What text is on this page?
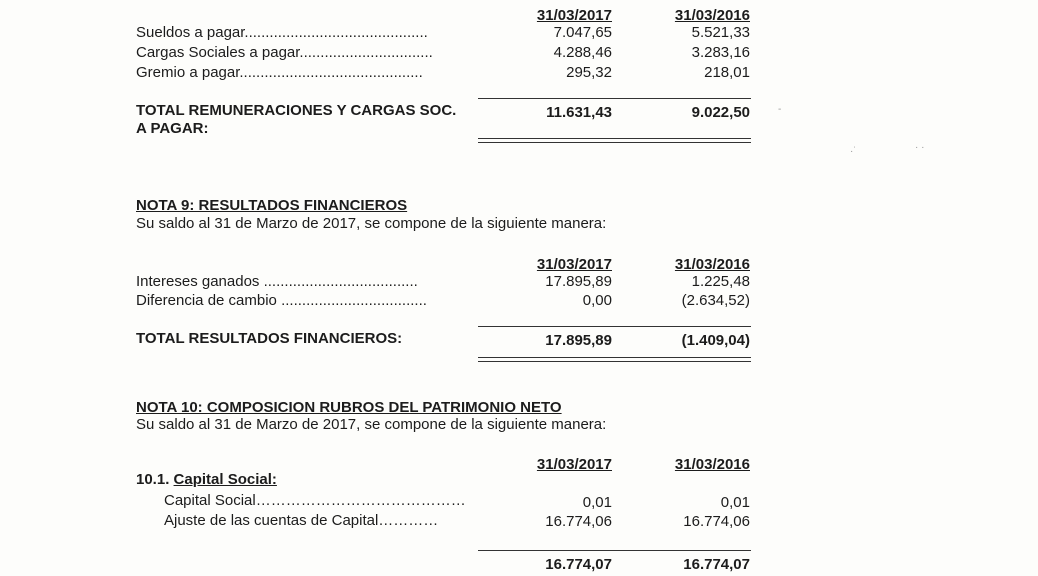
31/03/2017	31/03/2016
Sueldos a pagar............................................	7.047,65	5.521,33
Cargas Sociales a pagar................................	4.288,46	3.283,16
Gremio a pagar............................................	295,32	218,01
TOTAL REMUNERACIONES Y CARGAS SOC.
A PAGAR:
11.631,43	9.022,50
NOTA 9: RESULTADOS FINANCIEROS
Su saldo al 31 de Marzo de 2017, se compone de la siguiente manera:
31/03/2017	31/03/2016
Intereses ganados .....................................	17.895,89	1.225,48
Diferencia de cambio ...................................	0,00	(2.634,52)
TOTAL RESULTADOS FINANCIEROS:	17.895,89	(1.409,04)
NOTA 10: COMPOSICION RUBROS DEL PATRIMONIO NETO
Su saldo al 31 de Marzo de 2017, se compone de la siguiente manera:
31/03/2017	31/03/2016
10.1. Capital Social:
Capital Social……………………………………	0,01	0,01
Ajuste de las cuentas de Capital…………	16.774,06	16.774,06
16.774,07	16.774,07
·˙	· ·
-
